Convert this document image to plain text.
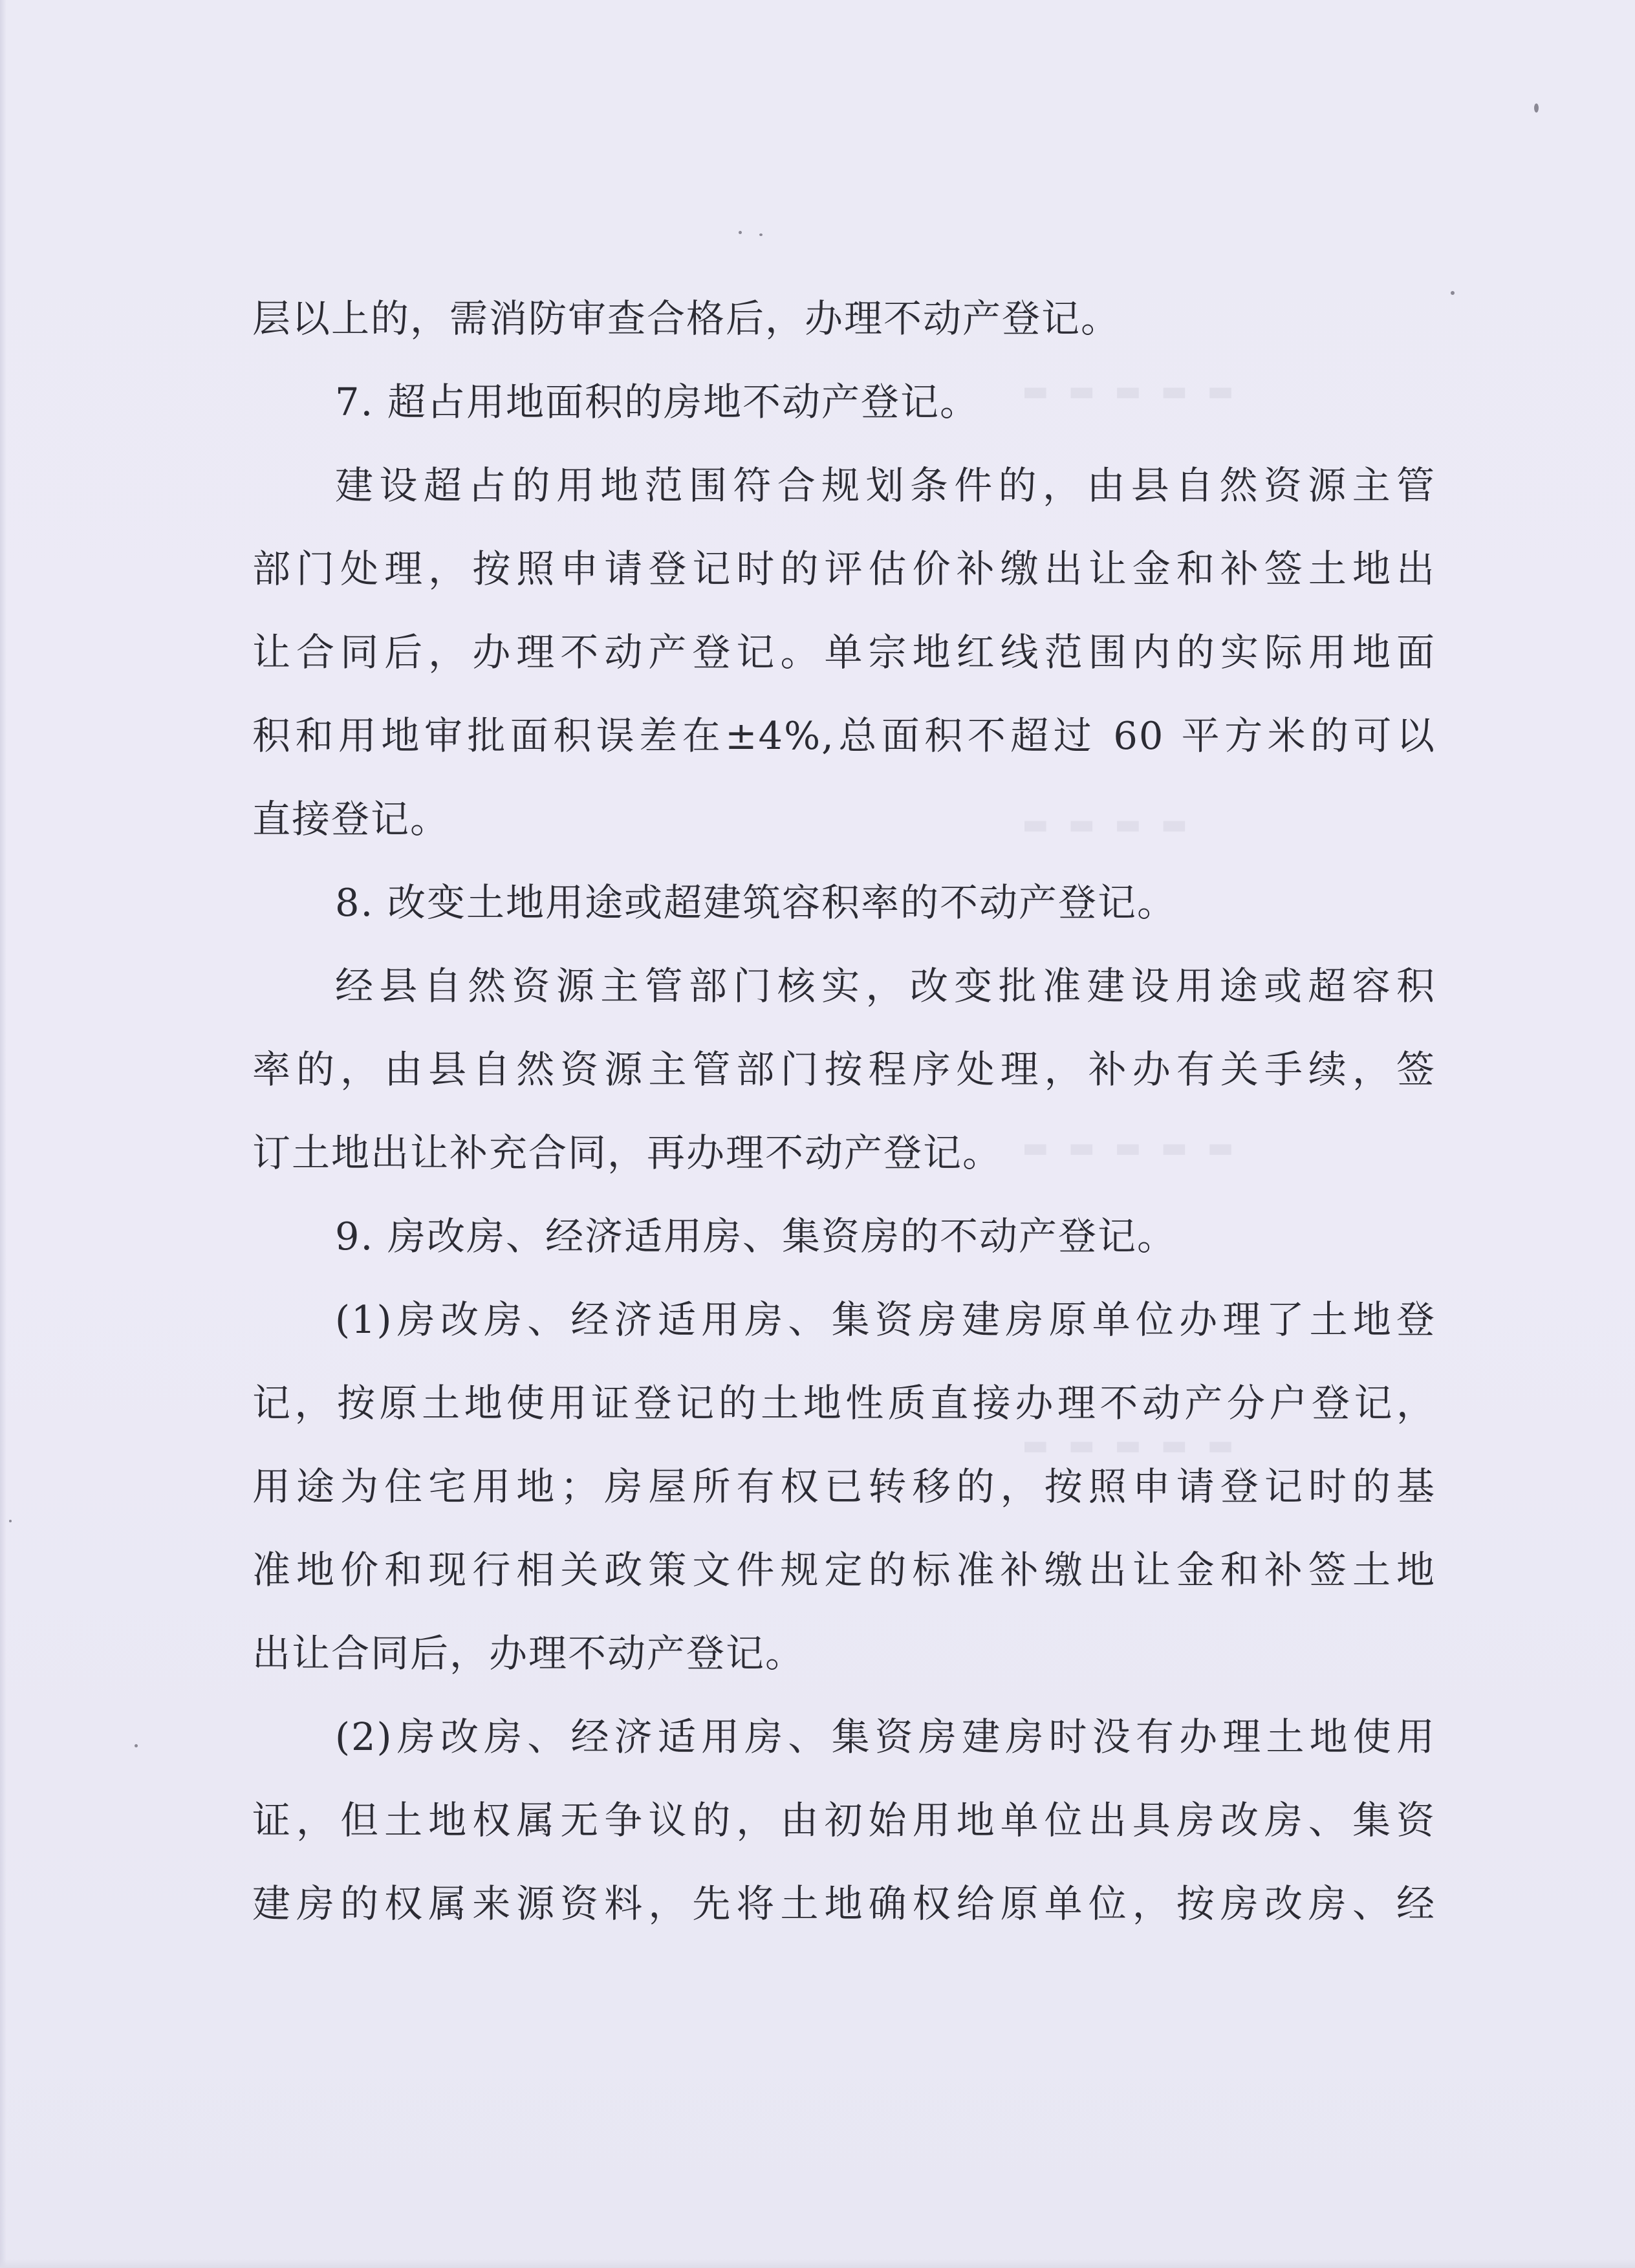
▬ ▬ ▬ ▬ ▬
▬ ▬ ▬ ▬
▬ ▬ ▬ ▬ ▬
▬ ▬ ▬ ▬ ▬
层以上的，需消防审查合格后，办理不动产登记。
7. 超占用地面积的房地不动产登记。
建设超占的用地范围符合规划条件的，由县自然资源主管
部门处理，按照申请登记时的评估价补缴出让金和补签土地出
让合同后，办理不动产登记。单宗地红线范围内的实际用地面
积和用地审批面积误差在±4%,总面积不超过 60 平方米的可以
直接登记。
8. 改变土地用途或超建筑容积率的不动产登记。
经县自然资源主管部门核实，改变批准建设用途或超容积
率的，由县自然资源主管部门按程序处理，补办有关手续，签
订土地出让补充合同，再办理不动产登记。
9. 房改房、经济适用房、集资房的不动产登记。
(1)房改房、经济适用房、集资房建房原单位办理了土地登
记，按原土地使用证登记的土地性质直接办理不动产分户登记，
用途为住宅用地；房屋所有权已转移的，按照申请登记时的基
准地价和现行相关政策文件规定的标准补缴出让金和补签土地
出让合同后，办理不动产登记。
(2)房改房、经济适用房、集资房建房时没有办理土地使用
证，但土地权属无争议的，由初始用地单位出具房改房、集资
建房的权属来源资料，先将土地确权给原单位，按房改房、经
